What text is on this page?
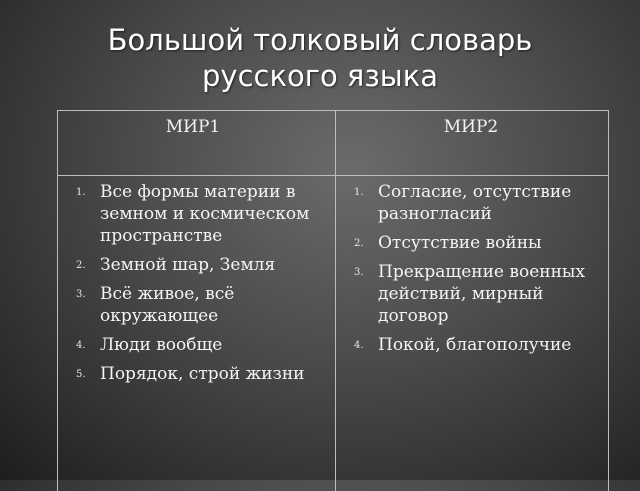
Большой толковый словарь
русского языка
МИР1	МИР2
1. Все формы материи в земном и космическом пространстве
2. Земной шар, Земля
3. Всё живое, всё окружающее
4. Люди вообще
5. Порядок, строй жизни
1. Согласие, отсутствие разногласий
2. Отсутствие войны
3. Прекращение военных действий, мирный договор
4. Покой, благополучие
